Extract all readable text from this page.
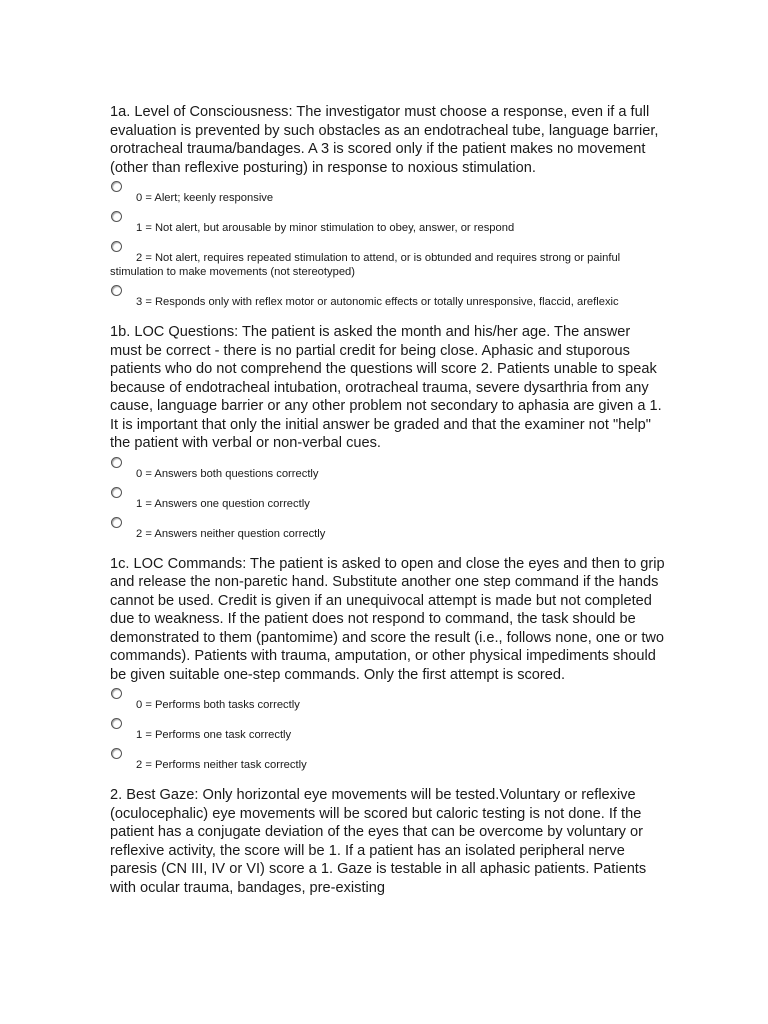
1a. Level of Consciousness: The investigator must choose a response, even if a full evaluation is prevented by such obstacles as an endotracheal tube, language barrier, orotracheal trauma/bandages. A 3 is scored only if the patient makes no movement (other than reflexive posturing) in response to noxious stimulation.

0 = Alert; keenly responsive
1 = Not alert, but arousable by minor stimulation to obey, answer, or respond
2 = Not alert, requires repeated stimulation to attend, or is obtunded and requires strong or painful stimulation to make movements (not stereotyped)
3 = Responds only with reflex motor or autonomic effects or totally unresponsive, flaccid, areflexic

1b. LOC Questions: The patient is asked the month and his/her age. The answer must be correct - there is no partial credit for being close. Aphasic and stuporous patients who do not comprehend the questions will score 2. Patients unable to speak because of endotracheal intubation, orotracheal trauma, severe dysarthria from any cause, language barrier or any other problem not secondary to aphasia are given a 1. It is important that only the initial answer be graded and that the examiner not "help" the patient with verbal or non-verbal cues.

0 = Answers both questions correctly
1 = Answers one question correctly
2 = Answers neither question correctly

1c. LOC Commands: The patient is asked to open and close the eyes and then to grip and release the non-paretic hand. Substitute another one step command if the hands cannot be used. Credit is given if an unequivocal attempt is made but not completed due to weakness. If the patient does not respond to command, the task should be demonstrated to them (pantomime) and score the result (i.e., follows none, one or two commands). Patients with trauma, amputation, or other physical impediments should be given suitable one-step commands. Only the first attempt is scored.

0 = Performs both tasks correctly
1 = Performs one task correctly
2 = Performs neither task correctly

2. Best Gaze: Only horizontal eye movements will be tested.Voluntary or reflexive (oculocephalic) eye movements will be scored but caloric testing is not done. If the patient has a conjugate deviation of the eyes that can be overcome by voluntary or reflexive activity, the score will be 1. If a patient has an isolated peripheral nerve paresis (CN III, IV or VI) score a 1. Gaze is testable in all aphasic patients. Patients with ocular trauma, bandages, pre-existing
